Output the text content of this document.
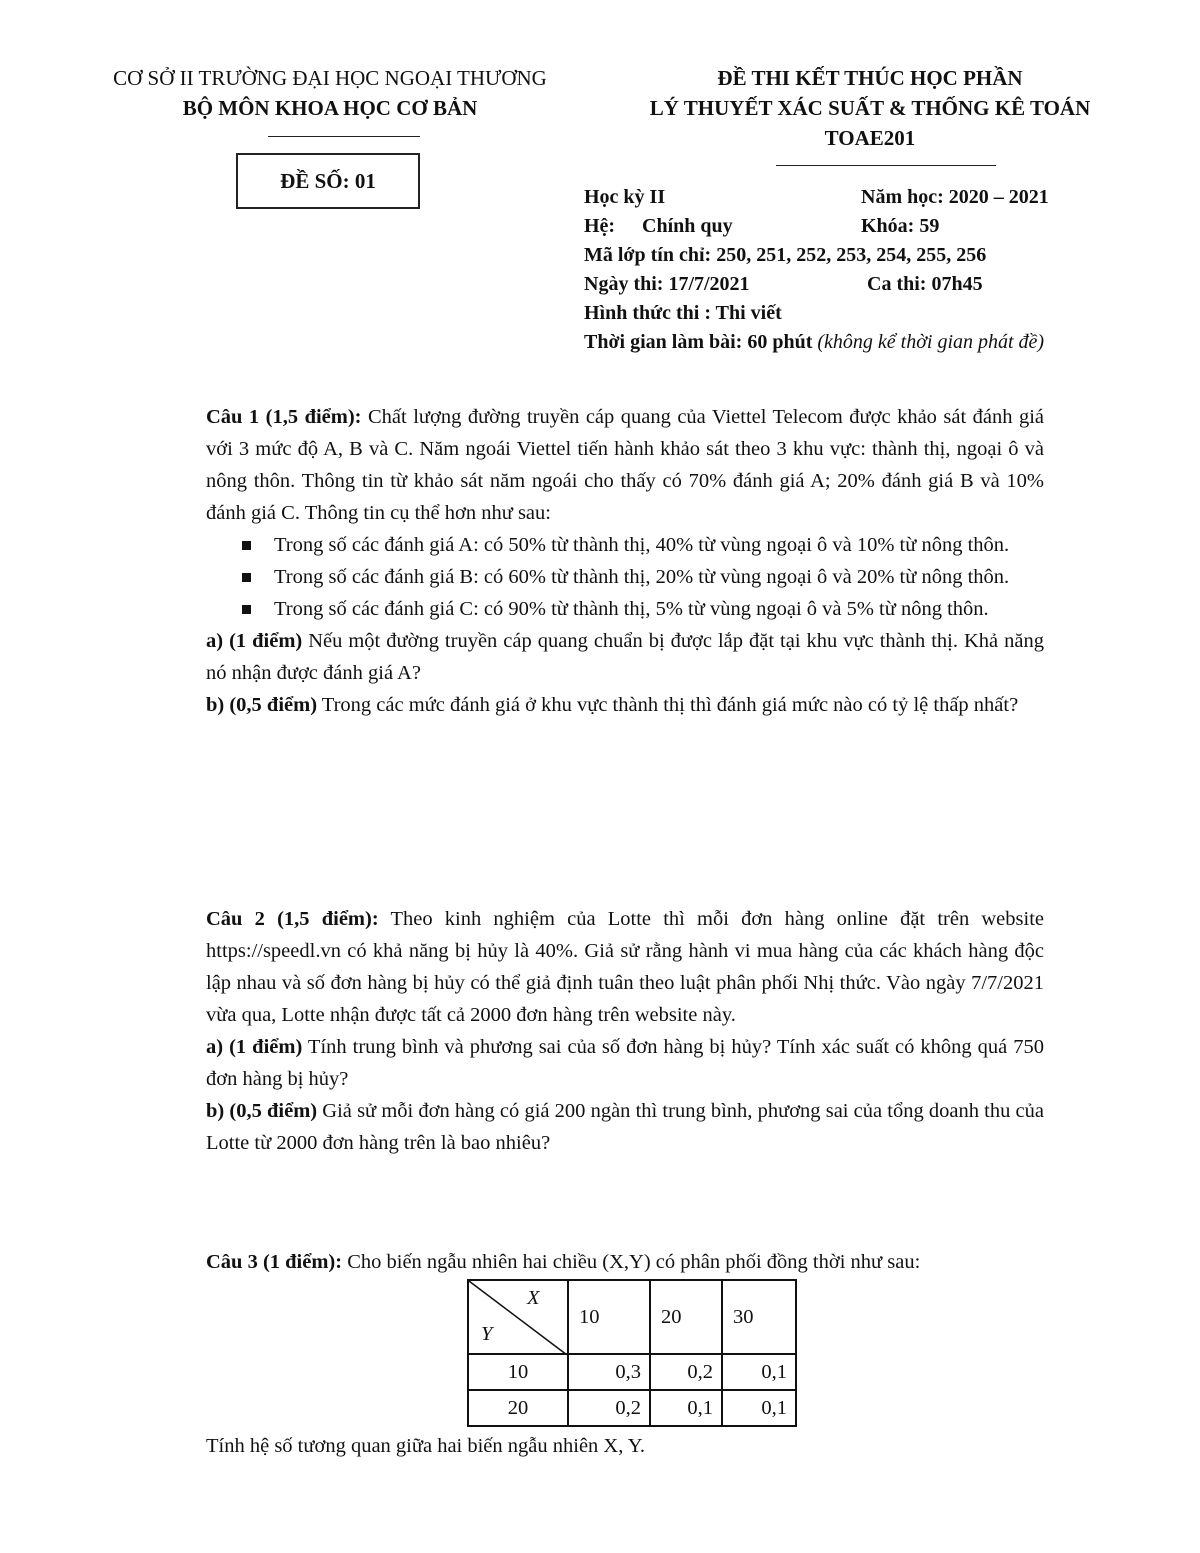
CƠ SỞ II TRƯỜNG ĐẠI HỌC NGOẠI THƯƠNG
BỘ MÔN KHOA HỌC CƠ BẢN
ĐỀ SỐ: 01
ĐỀ THI KẾT THÚC HỌC PHẦN
LÝ THUYẾT XÁC SUẤT & THỐNG KÊ TOÁN
TOAE201
Học kỳ II	Năm học: 2020 – 2021
Hệ: Chính quy	Khóa: 59
Mã lớp tín chỉ: 250, 251, 252, 253, 254, 255, 256
Ngày thi: 17/7/2021	Ca thi: 07h45
Hình thức thi : Thi viết
Thời gian làm bài: 60 phút (không kể thời gian phát đề)
Câu 1 (1,5 điểm): Chất lượng đường truyền cáp quang của Viettel Telecom được khảo sát đánh giá với 3 mức độ A, B và C. Năm ngoái Viettel tiến hành khảo sát theo 3 khu vực: thành thị, ngoại ô và nông thôn. Thông tin từ khảo sát năm ngoái cho thấy có 70% đánh giá A; 20% đánh giá B và 10% đánh giá C. Thông tin cụ thể hơn như sau:
Trong số các đánh giá A: có 50% từ thành thị, 40% từ vùng ngoại ô và 10% từ nông thôn.
Trong số các đánh giá B: có 60% từ thành thị, 20% từ vùng ngoại ô và 20% từ nông thôn.
Trong số các đánh giá C: có 90% từ thành thị, 5% từ vùng ngoại ô và 5% từ nông thôn.
a) (1 điểm) Nếu một đường truyền cáp quang chuẩn bị được lắp đặt tại khu vực thành thị. Khả năng nó nhận được đánh giá A?
b) (0,5 điểm) Trong các mức đánh giá ở khu vực thành thị thì đánh giá mức nào có tỷ lệ thấp nhất?
Câu 2 (1,5 điểm): Theo kinh nghiệm của Lotte thì mỗi đơn hàng online đặt trên website https://speedl.vn có khả năng bị hủy là 40%. Giả sử rằng hành vi mua hàng của các khách hàng độc lập nhau và số đơn hàng bị hủy có thể giả định tuân theo luật phân phối Nhị thức. Vào ngày 7/7/2021 vừa qua, Lotte nhận được tất cả 2000 đơn hàng trên website này.
a) (1 điểm) Tính trung bình và phương sai của số đơn hàng bị hủy? Tính xác suất có không quá 750 đơn hàng bị hủy?
b) (0,5 điểm) Giả sử mỗi đơn hàng có giá 200 ngàn thì trung bình, phương sai của tổng doanh thu của Lotte từ 2000 đơn hàng trên là bao nhiêu?
Câu 3 (1 điểm): Cho biến ngẫu nhiên hai chiều (X,Y) có phân phối đồng thời như sau:
X
Y	10	20	30
10	0,3	0,2	0,1
20	0,2	0,1	0,1
Tính hệ số tương quan giữa hai biến ngẫu nhiên X, Y.
